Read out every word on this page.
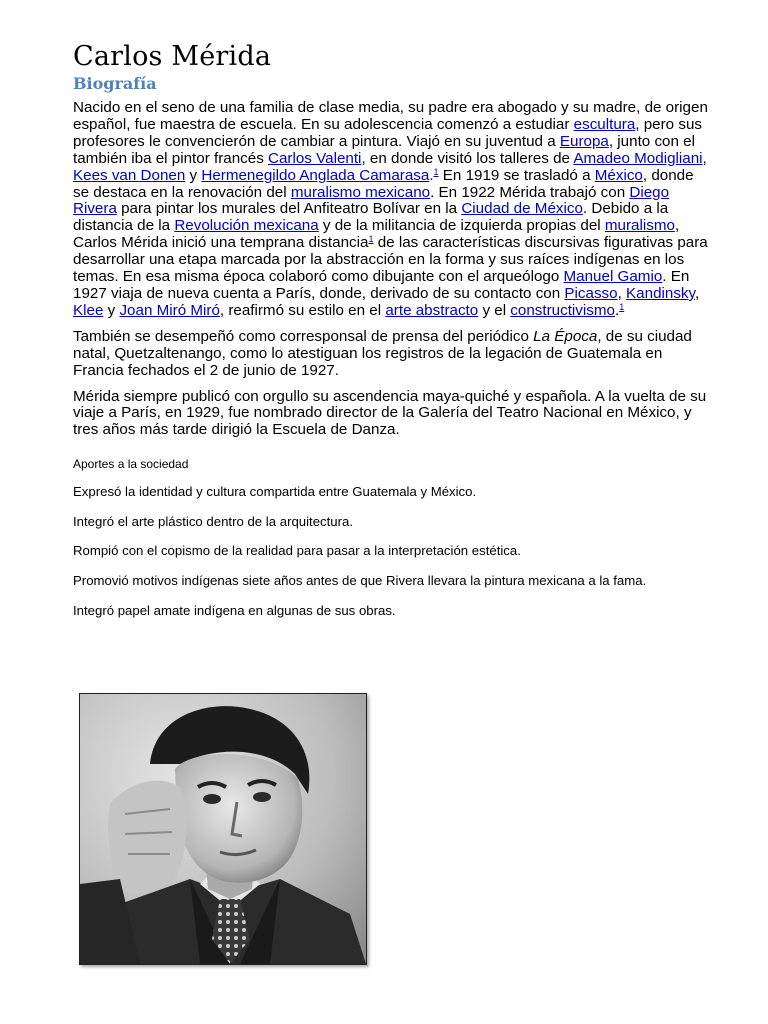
Carlos Mérida
Biografía

Nacido en el seno de una familia de clase media, su padre era abogado y su madre, de origen español, fue maestra de escuela. En su adolescencia comenzó a estudiar escultura, pero sus profesores le convencierón de cambiar a pintura. Viajó en su juventud a Europa, junto con el también iba el pintor francés Carlos Valenti, en donde visitó los talleres de Amadeo Modigliani, Kees van Donen y Hermenegildo Anglada Camarasa.$^1$ En 1919 se trasladó a México, donde se destaca en la renovación del muralismo mexicano. En 1922 Mérida trabajó con Diego Rivera para pintar los murales del Anfiteatro Bolívar en la Ciudad de México. Debido a la distancia de la Revolución mexicana y de la militancia de izquierda propias del muralismo, Carlos Mérida inició una temprana distancia$^1$ de las características discursivas figurativas para desarrollar una etapa marcada por la abstracción en la forma y sus raíces indígenas en los temas. En esa misma época colaboró como dibujante con el arqueólogo Manuel Gamio. En 1927 viaja de nueva cuenta a París, donde, derivado de su contacto con Picasso, Kandinsky, Klee y Joan Miró Miró, reafirmó su estilo en el arte abstracto y el constructivismo.$^1$

También se desempeñó como corresponsal de prensa del periódico La Época, de su ciudad natal, Quetzaltenango, como lo atestiguan los registros de la legación de Guatemala en Francia fechados el 2 de junio de 1927.

Mérida siempre publicó con orgullo su ascendencia maya-quiché y española. A la vuelta de su viaje a París, en 1929, fue nombrado director de la Galería del Teatro Nacional en México, y tres años más tarde dirigió la Escuela de Danza.

Aportes a la sociedad
Expresó la identidad y cultura compartida entre Guatemala y México.
Integró el arte plástico dentro de la arquitectura.
Rompió con el copismo de la realidad para pasar a la interpretación estética.
Promovió motivos indígenas siete años antes de que Rivera llevara la pintura mexicana a la fama.
Integró papel amate indígena en algunas de sus obras.
